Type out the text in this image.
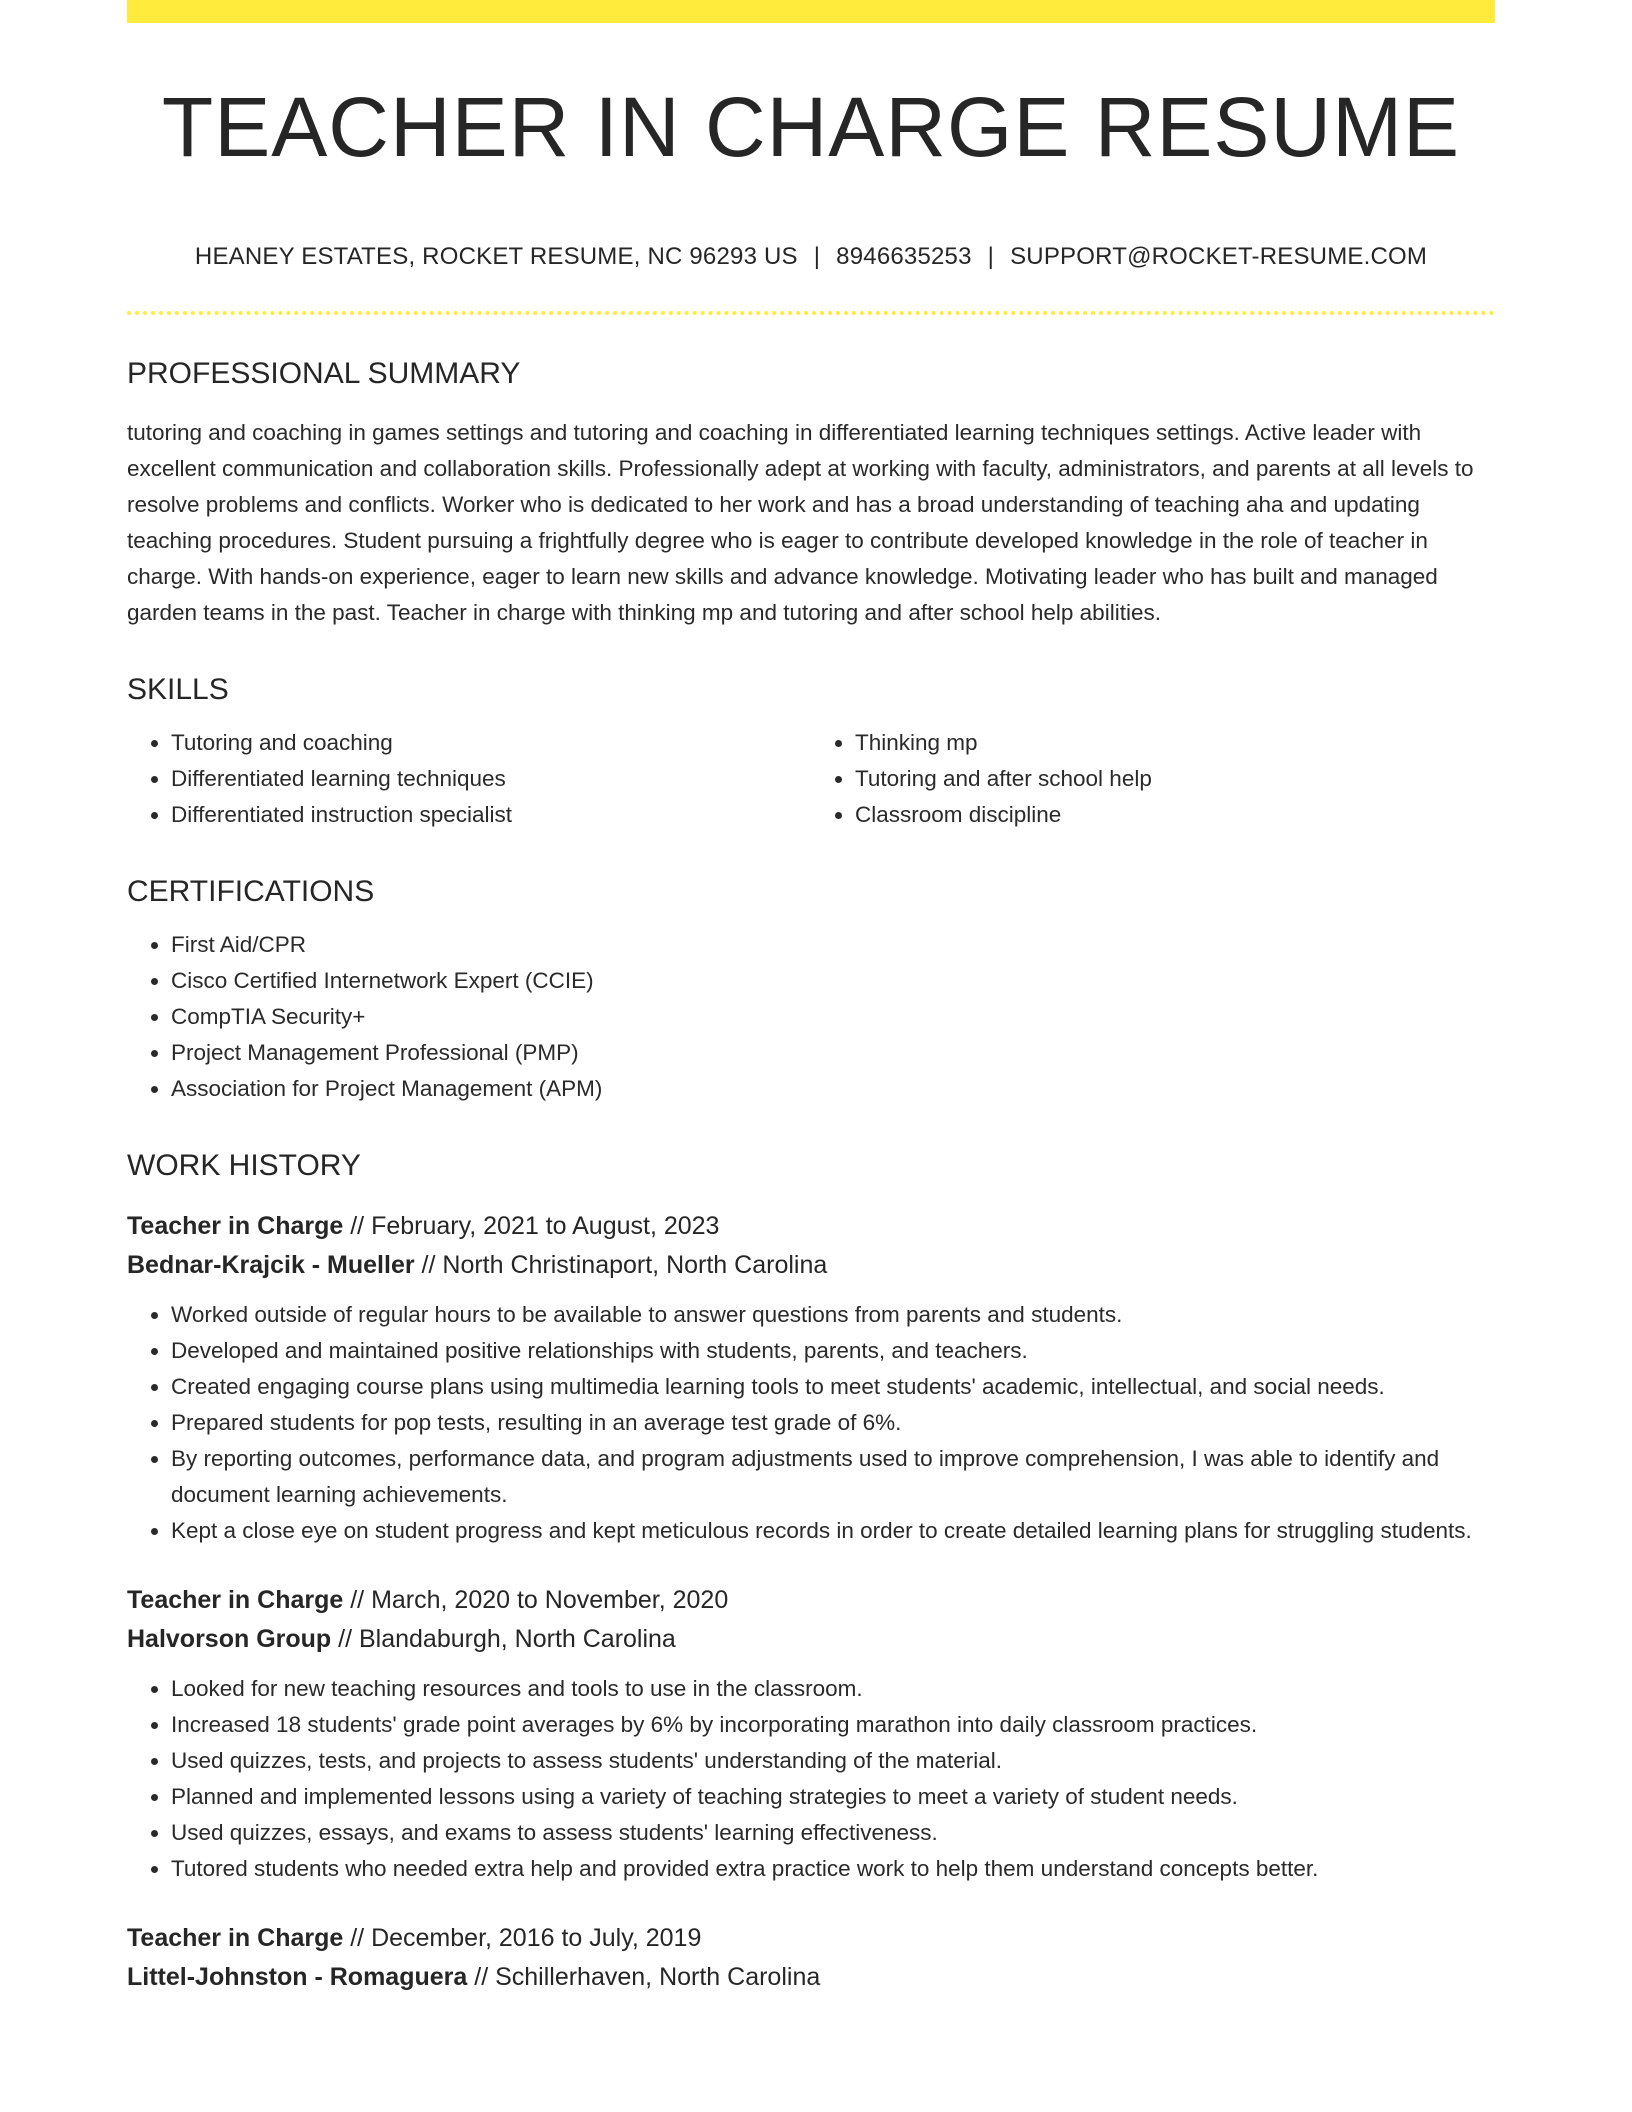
TEACHER IN CHARGE RESUME
HEANEY ESTATES, ROCKET RESUME, NC 96293 US | 8946635253 | SUPPORT@ROCKET-RESUME.COM
PROFESSIONAL SUMMARY

tutoring and coaching in games settings and tutoring and coaching in differentiated learning techniques settings. Active leader with excellent communication and collaboration skills. Professionally adept at working with faculty, administrators, and parents at all levels to resolve problems and conflicts. Worker who is dedicated to her work and has a broad understanding of teaching aha and updating teaching procedures. Student pursuing a frightfully degree who is eager to contribute developed knowledge in the role of teacher in charge. With hands-on experience, eager to learn new skills and advance knowledge. Motivating leader who has built and managed garden teams in the past. Teacher in charge with thinking mp and tutoring and after school help abilities.

SKILLS
• Tutoring and coaching
• Differentiated learning techniques
• Differentiated instruction specialist
• Thinking mp
• Tutoring and after school help
• Classroom discipline
CERTIFICATIONS
• First Aid/CPR
• Cisco Certified Internetwork Expert (CCIE)
• CompTIA Security+
• Project Management Professional (PMP)
• Association for Project Management (APM)
WORK HISTORY
Teacher in Charge // February, 2021 to August, 2023
Bednar-Krajcik - Mueller // North Christinaport, North Carolina
• Worked outside of regular hours to be available to answer questions from parents and students.
• Developed and maintained positive relationships with students, parents, and teachers.
• Created engaging course plans using multimedia learning tools to meet students' academic, intellectual, and social needs.
• Prepared students for pop tests, resulting in an average test grade of 6%.
• By reporting outcomes, performance data, and program adjustments used to improve comprehension, I was able to identify and document learning achievements.
• Kept a close eye on student progress and kept meticulous records in order to create detailed learning plans for struggling students.
Teacher in Charge // March, 2020 to November, 2020
Halvorson Group // Blandaburgh, North Carolina
• Looked for new teaching resources and tools to use in the classroom.
• Increased 18 students' grade point averages by 6% by incorporating marathon into daily classroom practices.
• Used quizzes, tests, and projects to assess students' understanding of the material.
• Planned and implemented lessons using a variety of teaching strategies to meet a variety of student needs.
• Used quizzes, essays, and exams to assess students' learning effectiveness.
• Tutored students who needed extra help and provided extra practice work to help them understand concepts better.
Teacher in Charge // December, 2016 to July, 2019
Littel-Johnston - Romaguera // Schillerhaven, North Carolina
